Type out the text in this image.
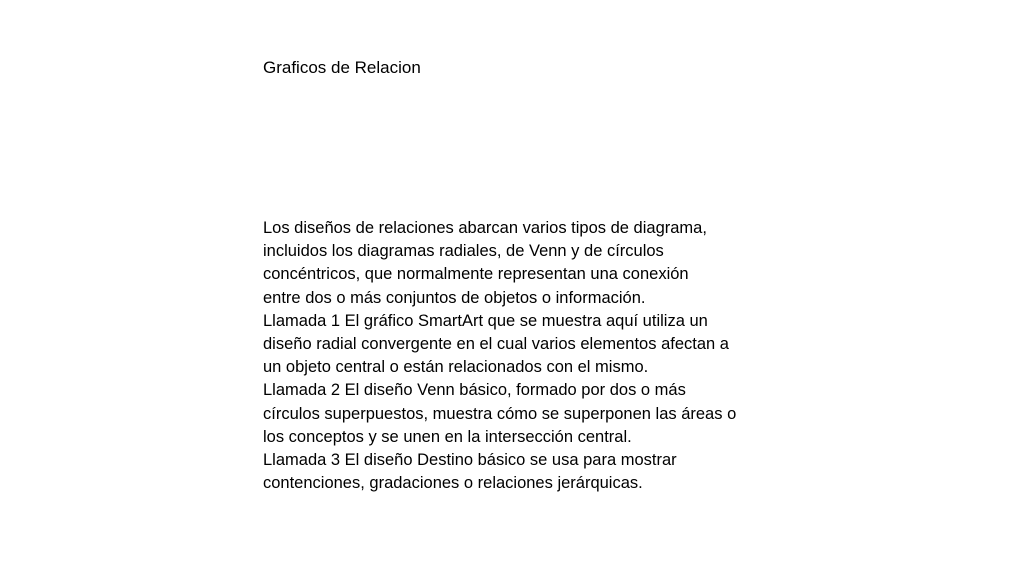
Graficos de Relacion
Los diseños de relaciones abarcan varios tipos de diagrama,
incluidos los diagramas radiales, de Venn y de círculos
concéntricos, que normalmente representan una conexión
entre dos o más conjuntos de objetos o información.
Llamada 1 El gráfico SmartArt que se muestra aquí utiliza un
diseño radial convergente en el cual varios elementos afectan a
un objeto central o están relacionados con el mismo.
Llamada 2 El diseño Venn básico, formado por dos o más
círculos superpuestos, muestra cómo se superponen las áreas o
los conceptos y se unen en la intersección central.
Llamada 3 El diseño Destino básico se usa para mostrar
contenciones, gradaciones o relaciones jerárquicas.
